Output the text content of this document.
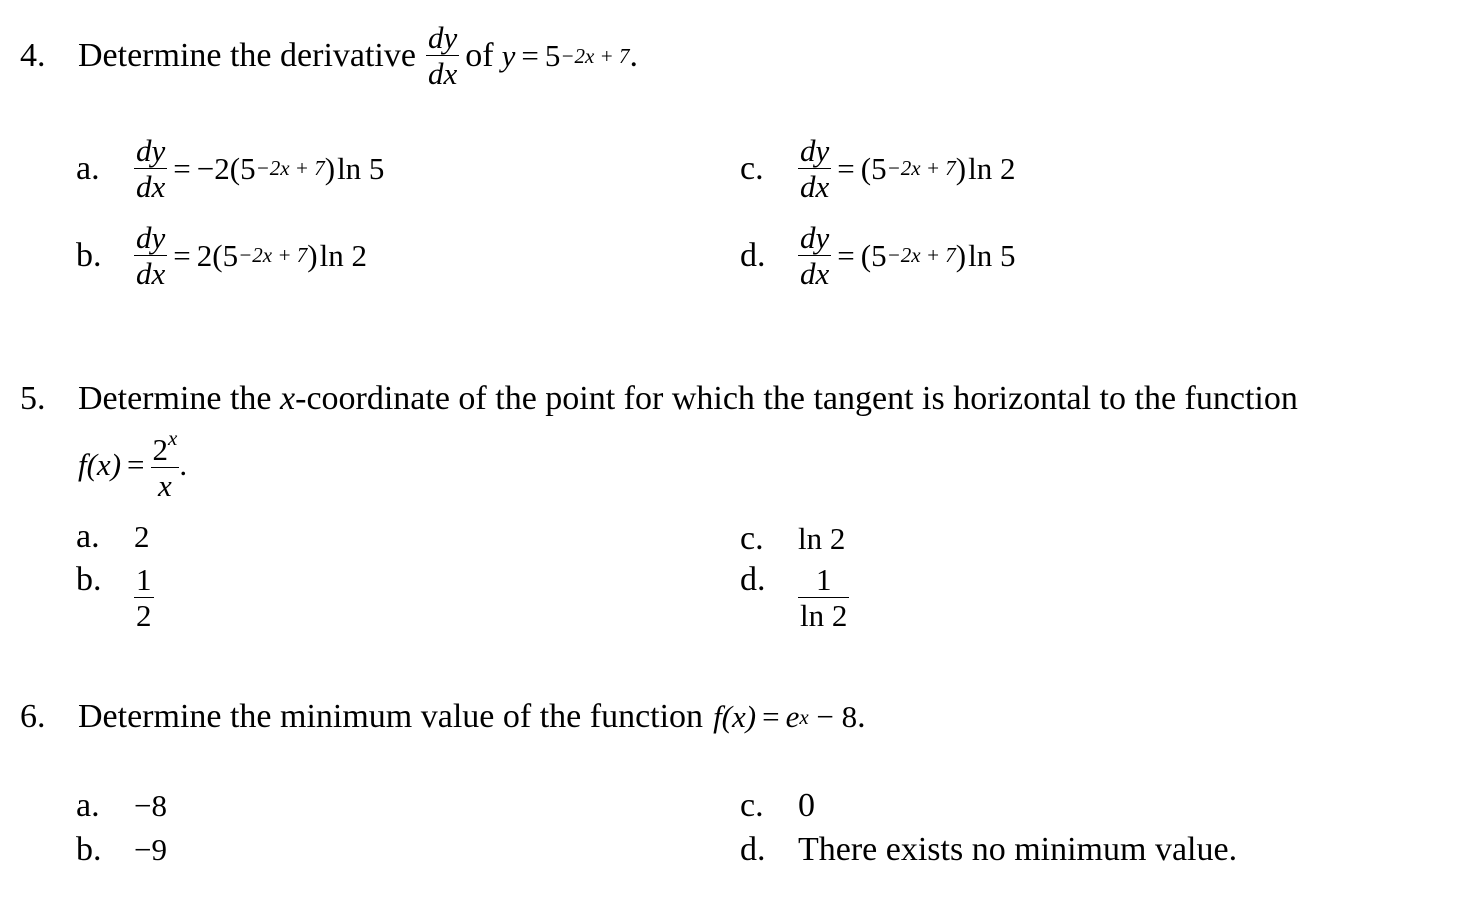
4. Determine the derivative $\frac{dy}{dx}$ of y = 5 −2x + 7 .
a.	$\frac{dy}{dx} = -2$ ( 5 −2x + 7 ) ln 5
b.	$\frac{dy}{dx} = 2$ ( 5 −2x + 7 ) ln 2
c.	$\frac{dy}{dx}$ = ( 5 −2x + 7 ) ln 2
d.	$\frac{dy}{dx}$ = ( 5 −2x + 7 ) ln 5
5. Determine the x-coordinate of the point for which the tangent is horizontal to the function
$f(x) = \frac{2^x}{x}$ .
a.	2
b.	$\frac{1}{2}$
c.	ln 2
d.	$\frac{1}{\ln 2}$
6. Determine the minimum value of the function f(x) = e x − 8 .
a.	−8
b.	−9
c.	0
d. There exists no minimum value.
